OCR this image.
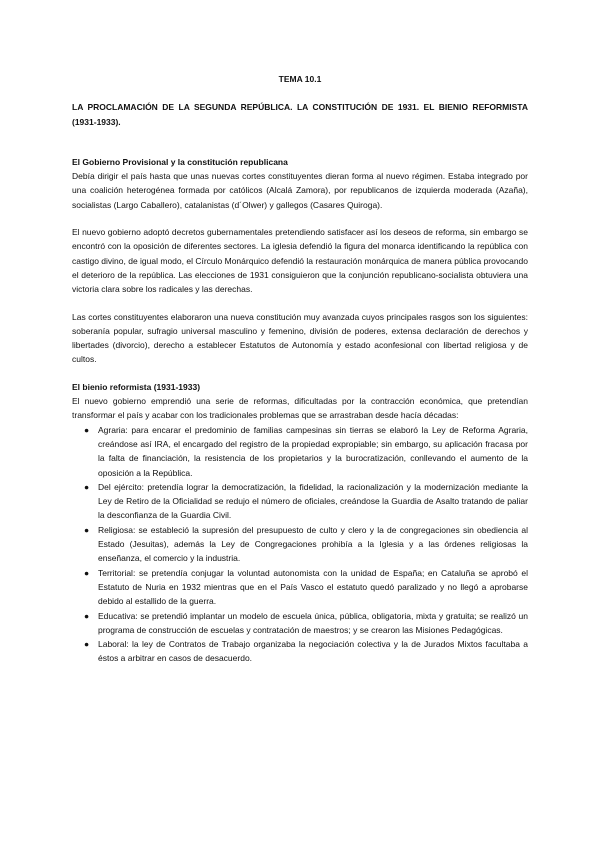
TEMA 10.1
LA PROCLAMACIÓN DE LA SEGUNDA REPÚBLICA. LA CONSTITUCIÓN DE 1931. EL BIENIO REFORMISTA (1931-1933).
El Gobierno Provisional y la constitución republicana

Debía dirigir el país hasta que unas nuevas cortes constituyentes dieran forma al nuevo régimen. Estaba integrado por una coalición heterogénea formada por católicos (Alcalá Zamora), por republicanos de izquierda moderada (Azaña), socialistas (Largo Caballero), catalanistas (d´Olwer) y gallegos (Casares Quiroga).

El nuevo gobierno adoptó decretos gubernamentales pretendiendo satisfacer así los deseos de reforma, sin embargo se encontró con la oposición de diferentes sectores. La iglesia defendió la figura del monarca identificando la república con castigo divino, de igual modo, el Círculo Monárquico defendió la restauración monárquica de manera pública provocando el deterioro de la república. Las elecciones de 1931 consiguieron que la conjunción republicano-socialista obtuviera una victoria clara sobre los radicales y las derechas.

Las cortes constituyentes elaboraron una nueva constitución muy avanzada cuyos principales rasgos son los siguientes: soberanía popular, sufragio universal masculino y femenino, división de poderes, extensa declaración de derechos y libertades (divorcio), derecho a establecer Estatutos de Autonomía y estado aconfesional con libertad religiosa y de cultos.

El bienio reformista (1931-1933)

El nuevo gobierno emprendió una serie de reformas, dificultadas por la contracción económica, que pretendían transformar el país y acabar con los tradicionales problemas que se arrastraban desde hacía décadas:

● Agraria: para encarar el predominio de familias campesinas sin tierras se elaboró la Ley de Reforma Agraria, creándose así IRA, el encargado del registro de la propiedad expropiable; sin embargo, su aplicación fracasa por la falta de financiación, la resistencia de los propietarios y la burocratización, conllevando el aumento de la oposición a la República.
● Del ejército: pretendía lograr la democratización, la fidelidad, la racionalización y la modernización mediante la Ley de Retiro de la Oficialidad se redujo el número de oficiales, creándose la Guardia de Asalto tratando de paliar la desconfianza de la Guardia Civil.
● Religiosa: se estableció la supresión del presupuesto de culto y clero y la de congregaciones sin obediencia al Estado (Jesuitas), además la Ley de Congregaciones prohibía a la Iglesia y a las órdenes religiosas la enseñanza, el comercio y la industria.
● Territorial: se pretendía conjugar la voluntad autonomista con la unidad de España; en Cataluña se aprobó el Estatuto de Nuria en 1932 mientras que en el País Vasco el estatuto quedó paralizado y no llegó a aprobarse debido al estallido de la guerra.
● Educativa: se pretendió implantar un modelo de escuela única, pública, obligatoria, mixta y gratuita; se realizó un programa de construcción de escuelas y contratación de maestros; y se crearon las Misiones Pedagógicas.
● Laboral: la ley de Contratos de Trabajo organizaba la negociación colectiva y la de Jurados Mixtos facultaba a éstos a arbitrar en casos de desacuerdo.
